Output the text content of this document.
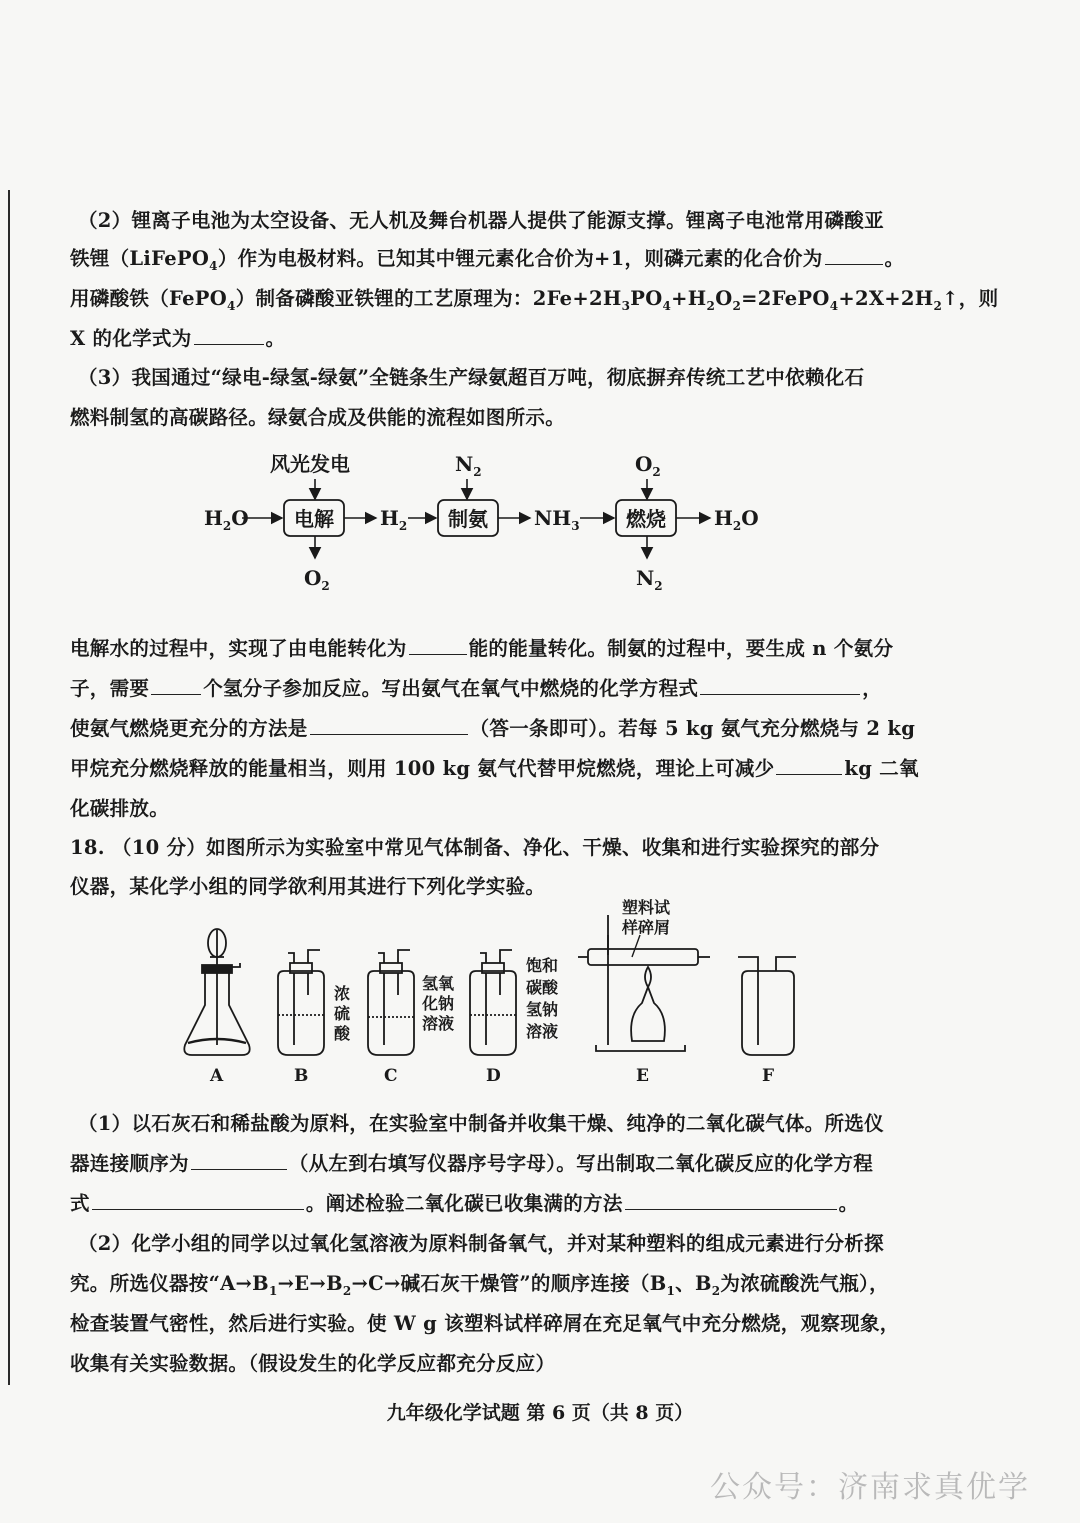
（2）锂离子电池为太空设备、无人机及舞台机器人提供了能源支撑。锂离子电池常用磷酸亚
铁锂（LiFePO$_4$）作为电极材料。已知其中锂元素化合价为+1，则磷元素的化合价为	。
用磷酸铁（FePO$_4$）制备磷酸亚铁锂的工艺原理为：$2Fe+2H_3PO_4+H_2O_2=2FePO_4+2X+2H_2↑$，则
X 的化学式为	。
（3）我国通过“绿电-绿氢-绿氨”全链条生产绿氨超百万吨，彻底摒弃传统工艺中依赖化石
燃料制氢的高碳路径。绿氨合成及供能的流程如图所示。
风光发电	$N_2$	$O_2$
$H_2O$ 电解 $H_2$ 制氨 $NH_3$ 燃烧 $H_2O$
$O_2$	$N_2$
电解水的过程中，实现了由电能转化为	能的能量转化。制氨的过程中，要生成 n 个氨分
子，需要	个氢分子参加反应。写出氨气在氧气中燃烧的化学方程式	，
使氨气燃烧更充分的方法是	（答一条即可）。若每 5 kg 氨气充分燃烧与 2 kg
甲烷充分燃烧释放的能量相当，则用 100 kg 氨气代替甲烷燃烧，理论上可减少	kg 二氧
化碳排放。
18. （10 分）如图所示为实验室中常见气体制备、净化、干燥、收集和进行实验探究的部分
仪器，某化学小组的同学欲利用其进行下列化学实验。
A
浓
硫
酸
B
氢氧
化钠
溶液
C
饱和
碳酸
氢钠
溶液
D
塑料试
样碎屑
E	F
（1）以石灰石和稀盐酸为原料，在实验室中制备并收集干燥、纯净的二氧化碳气体。所选仪
器连接顺序为	（从左到右填写仪器序号字母）。写出制取二氧化碳反应的化学方程
式	。阐述检验二氧化碳已收集满的方法	。
（2）化学小组的同学以过氧化氢溶液为原料制备氧气，并对某种塑料的组成元素进行分析探
究。所选仪器按“$A\to B_1\to E\to B_2\to C\to$碱石灰干燥管”的顺序连接（$B_1$、$B_2$为浓硫酸洗气瓶），
检查装置气密性，然后进行实验。使 W g 该塑料试样碎屑在充足氧气中充分燃烧，观察现象，
收集有关实验数据。（假设发生的化学反应都充分反应）
九年级化学试题 第 6 页（共 8 页）
公众号：济南求真优学
